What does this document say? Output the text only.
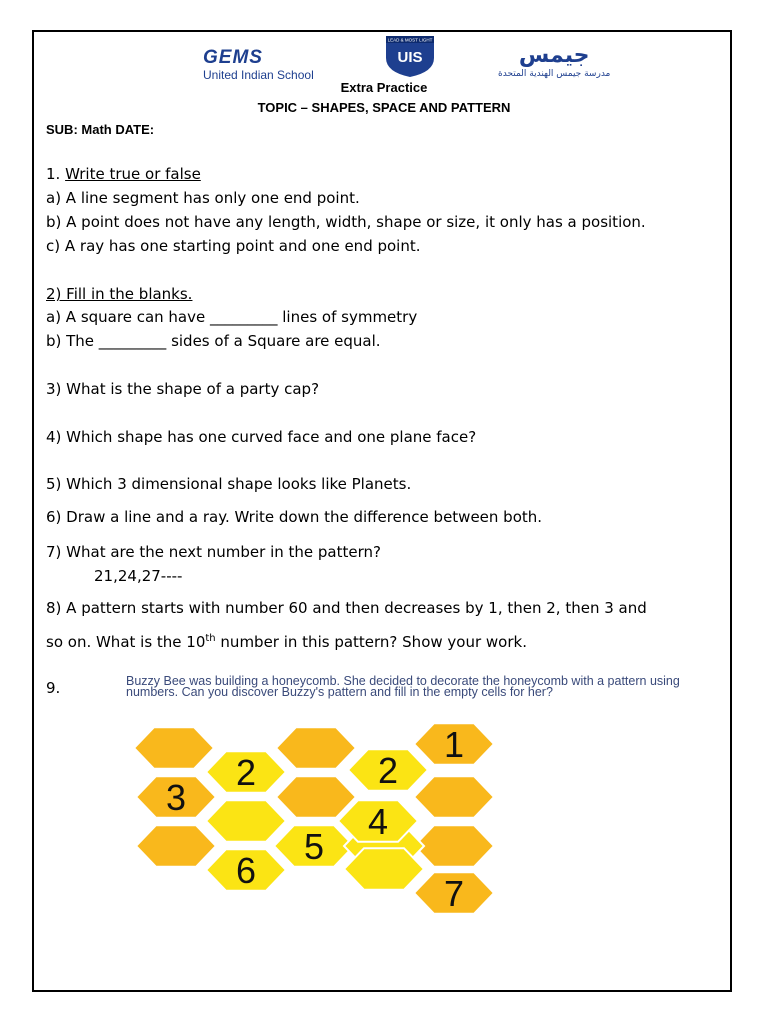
GEMS
United Indian School
LEAD & MOST LIGHT
UIS	جيمس
مدرسة جيمس الهندية المتحدة
Extra Practice
TOPIC – SHAPES, SPACE AND PATTERN
SUB: Math DATE:
1. Write true or false
a) A line segment has only one end point.
b) A point does not have any length, width, shape or size, it only has a position.
c) A ray has one starting point and one end point.
2) Fill in the blanks.
a) A square can have _________ lines of symmetry
b) The _________ sides of a Square are equal.
3) What is the shape of a party cap?
4) Which shape has one curved face and one plane face?
5) Which 3 dimensional shape looks like Planets.
6) Draw a line and a ray. Write down the difference between both.
7) What are the next number in the pattern?
21,24,27----
8) A pattern starts with number 60 and then decreases by 1, then 2, then 3 and
so on. What is the 10th number in this pattern? Show your work.
9.	Buzzy Bee was building a honeycomb. She decided to decorate the honeycomb with a pattern using numbers. Can you discover Buzzy's pattern and fill in the empty cells for her?
3
5
1
6
2
4
2
7
